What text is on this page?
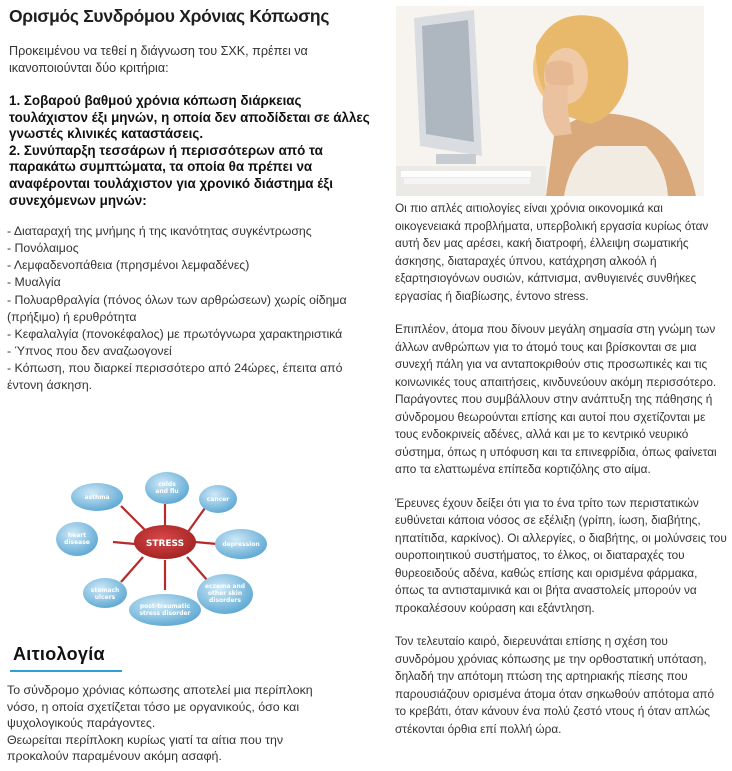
Ορισμός Συνδρόμου Χρόνιας Κόπωσης

Προκειμένου να τεθεί η διάγνωση του ΣΧΚ, πρέπει να ικανοποιούνται δύο κριτήρια:

1. Σοβαρού βαθμού χρόνια κόπωση διάρκειας τουλάχιστον έξι μηνών, η οποία δεν αποδίδεται σε άλλες γνωστές κλινικές καταστάσεις.
2. Συνύπαρξη τεσσάρων ή περισσότερων από τα παρακάτω συμπτώματα, τα οποία θα πρέπει να αναφέρονται τουλάχιστον για χρονικό διάστημα έξι συνεχόμενων μηνών:
- Διαταραχή της μνήμης ή της ικανότητας συγκέντρωσης
- Πονόλαιμος
- Λεμφαδενοπάθεια (πρησμένοι λεμφαδένες)
- Μυαλγία
- Πολυαρθραλγία (πόνος όλων των αρθρώσεων) χωρίς οίδημα (πρήξιμο) ή ερυθρότητα
- Κεφαλαλγία (πονοκέφαλος) με πρωτόγνωρα χαρακτηριστικά
- Ύπνος που δεν αναζωογονεί
- Κόπωση, που διαρκεί περισσότερο από 24ώρες, έπειτα από έντονη άσκηση.
STRESS
colds
and flu
cancer
depression
eczema and
other skin
disorders
post-traumatic
stress disorder
stomach
ulcers
heart
disease
asthma
Αιτιολογία

Το σύνδρομο χρόνιας κόπωσης αποτελεί μια περίπλοκη νόσο, η οποία σχετίζεται τόσο με οργανικούς, όσο και ψυχολογικούς παράγοντες.
Θεωρείται περίπλοκη κυρίως γιατί τα αίτια που την προκαλούν παραμένουν ακόμη ασαφή.

Οι πιο απλές αιτιολογίες είναι χρόνια οικονομικά και οικογενειακά προβλήματα, υπερβολική εργασία κυρίως όταν αυτή δεν μας αρέσει, κακή διατροφή, έλλειψη σωματικής άσκησης, διαταραχές ύπνου, κατάχρηση αλκοόλ ή εξαρτησιογόνων ουσιών, κάπνισμα, ανθυγιεινές συνθήκες εργασίας ή διαβίωσης, έντονο stress.

Επιπλέον, άτομα που δίνουν μεγάλη σημασία στη γνώμη των άλλων ανθρώπων για το άτομό τους και βρίσκονται σε μια συνεχή πάλη για να ανταποκριθούν στις προσωπικές και τις κοινωνικές τους απαιτήσεις, κινδυνεύουν ακόμη περισσότερο.
Παράγοντες που συμβάλλουν στην ανάπτυξη της πάθησης ή σύνδρομου θεωρούνται επίσης και αυτοί που σχετίζονται με τους ενδοκρινείς αδένες, αλλά και με το κεντρικό νευρικό σύστημα, όπως η υπόφυση και τα επινεφρίδια, όπως φαίνεται απο τα ελαττωμένα επίπεδα κορτιζόλης στο αίμα.

Έρευνες έχουν δείξει ότι για το ένα τρίτο των περιστατικών ευθύνεται κάποια νόσος σε εξέλιξη (γρίπη, ίωση, διαβήτης, ηπατίτιδα, καρκίνος). Οι αλλεργίες, ο διαβήτης, οι μολύνσεις του ουροποιητικού συστήματος, το έλκος, οι διαταραχές του θυρεοειδούς αδένα, καθώς επίσης και ορισμένα φάρμακα, όπως τα αντισταμινικά και οι βήτα αναστολείς μπορούν να προκαλέσουν κούραση και εξάντληση.

Τον τελευταίο καιρό, διερευνάται επίσης η σχέση του συνδρόμου χρόνιας κόπωσης με την ορθοστατική υπόταση, δηλαδή την απότομη πτώση της αρτηριακής πίεσης που παρουσιάζουν ορισμένα άτομα όταν σηκωθούν απότομα από το κρεβάτι, όταν κάνουν ένα πολύ ζεστό ντους ή όταν απλώς στέκονται όρθια επί πολλή ώρα.
